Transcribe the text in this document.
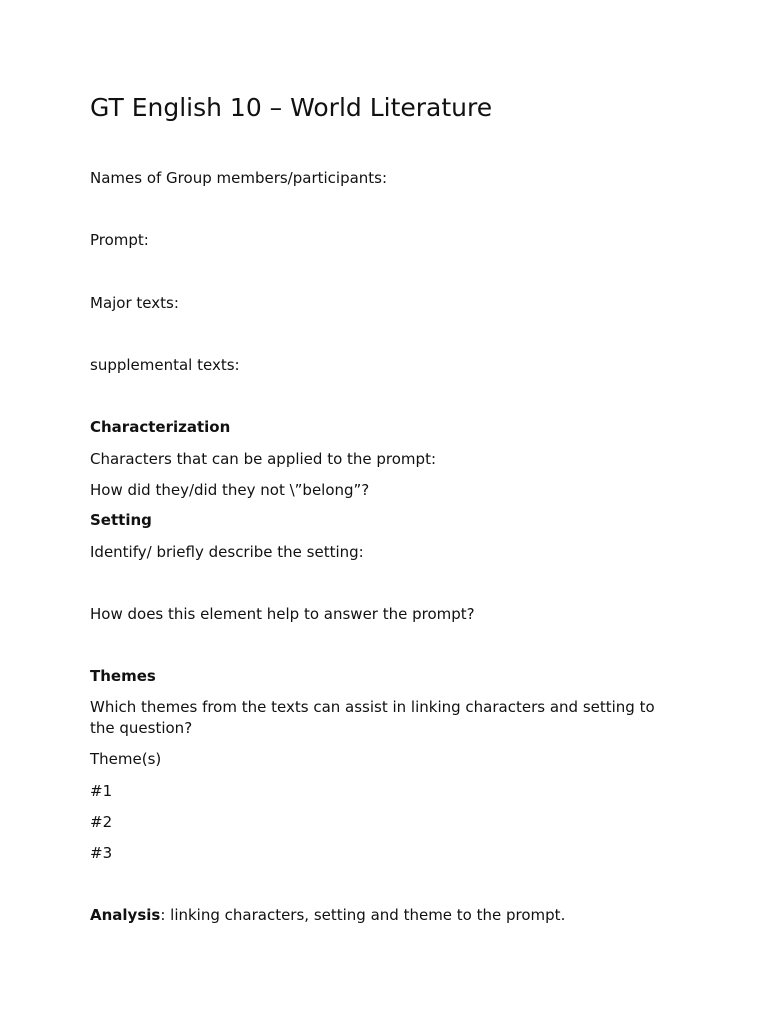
GT English 10 – World Literature
Names of Group members/participants:
Prompt:
Major texts:
supplemental texts:
Characterization
Characters that can be applied to the prompt:
How did they/did they not \”belong”?
Setting
Identify/ briefly describe the setting:
How does this element help to answer the prompt?
Themes
Which themes from the texts can assist in linking characters and setting to the question?
Theme(s)
#1
#2
#3
Analysis: linking characters, setting and theme to the prompt.
